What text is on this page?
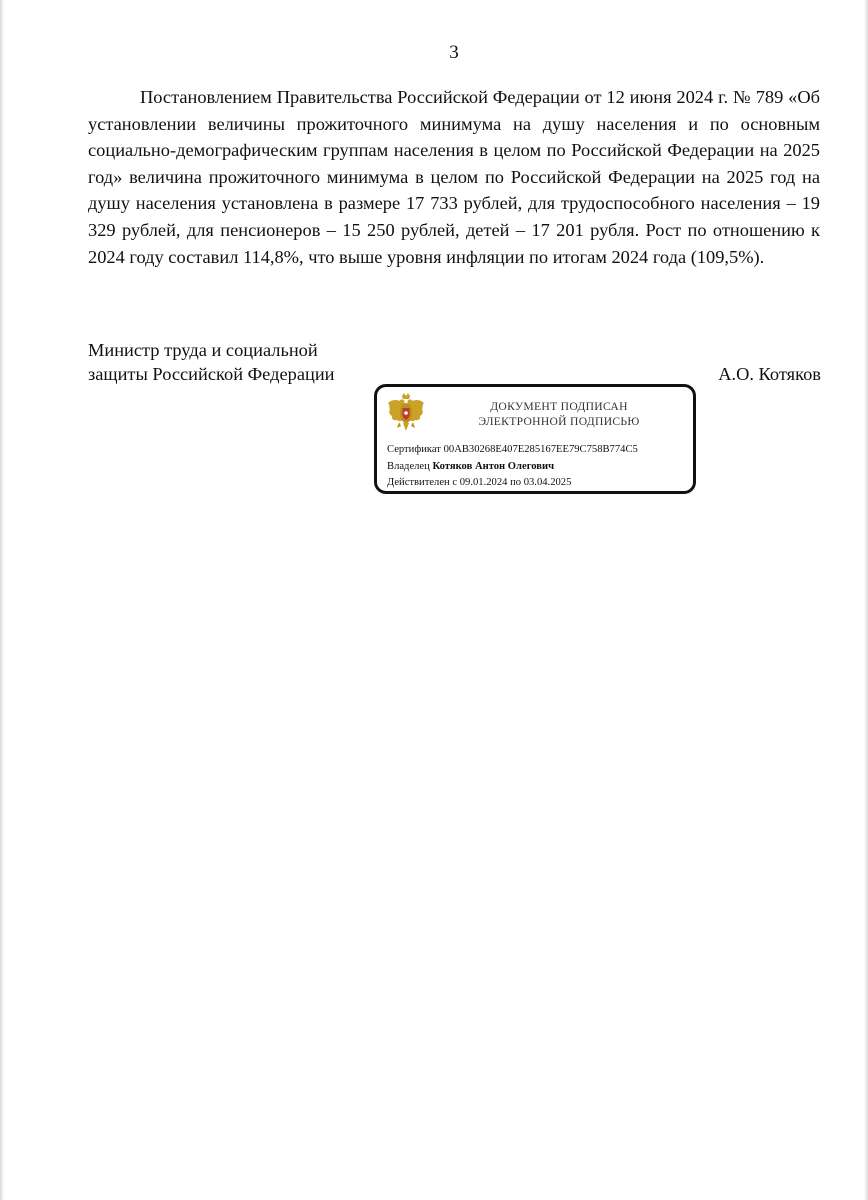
3

Постановлением Правительства Российской Федерации от 12 июня 2024 г. № 789 «Об установлении величины прожиточного минимума на душу населения и по основным социально-демографическим группам населения в целом по Российской Федерации на 2025 год» величина прожиточного минимума в целом по Российской Федерации на 2025 год на душу населения установлена в размере 17 733 рублей, для трудоспособного населения – 19 329 рублей, для пенсионеров – 15 250 рублей, детей – 17 201 рубля. Рост по отношению к 2024 году составил 114,8%, что выше уровня инфляции по итогам 2024 года (109,5%).

Министр труда и социальной
защиты Российской Федерации	А.О. Котяков
ДОКУМЕНТ ПОДПИСАН
ЭЛЕКТРОННОЙ ПОДПИСЬЮ
Сертификат 00AB30268E407E285167EE79C758B774C5
Владелец Котяков Антон Олегович
Действителен с 09.01.2024 по 03.04.2025
